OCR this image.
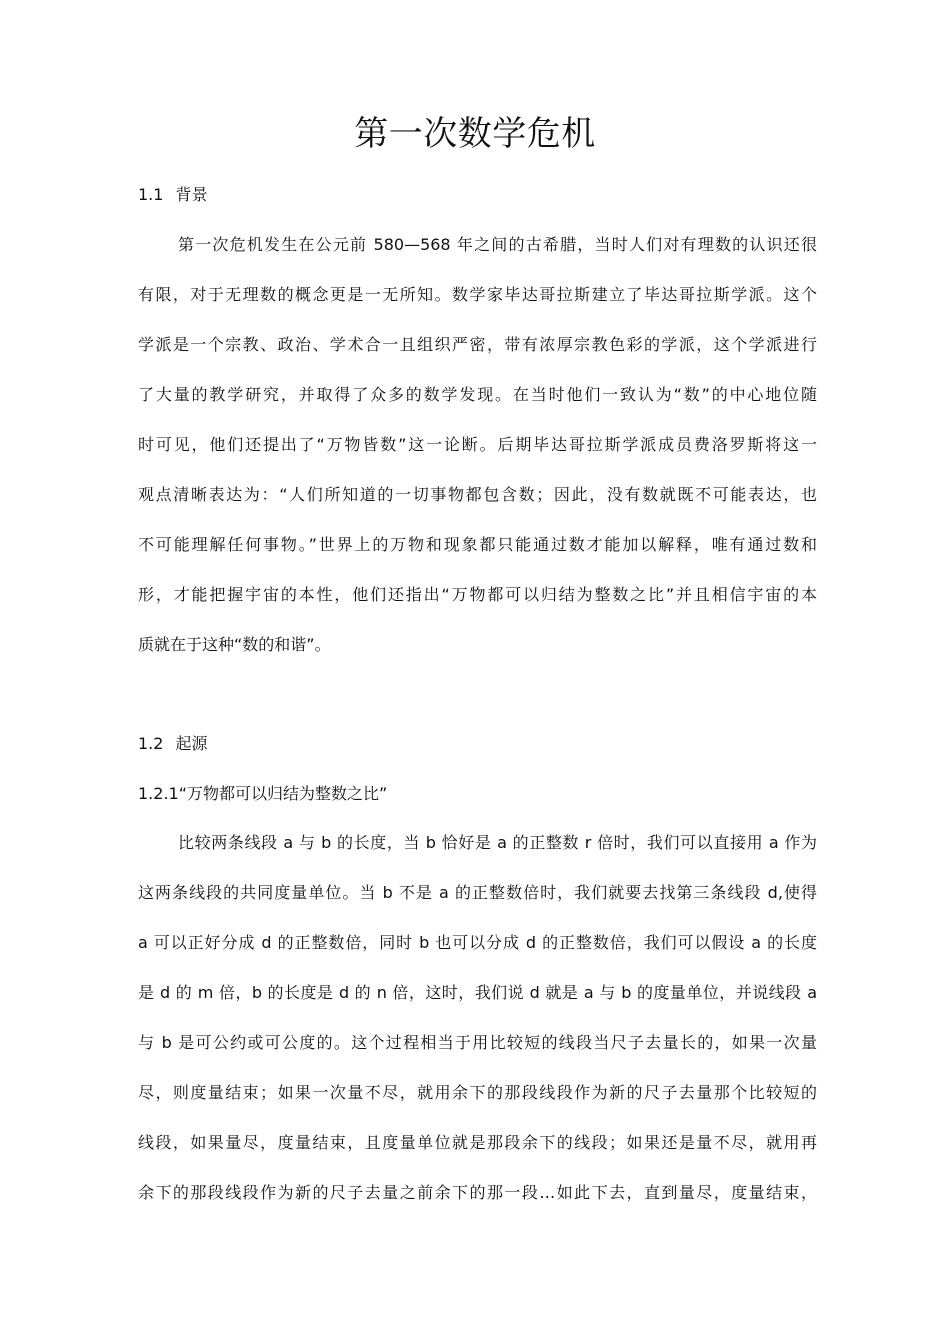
第一次数学危机
1.1 背景
第一次危机发生在公元前 580—568 年之间的古希腊，当时人们对有理数的认识还很
有限，对于无理数的概念更是一无所知。数学家毕达哥拉斯建立了毕达哥拉斯学派。这个
学派是一个宗教、政治、学术合一且组织严密，带有浓厚宗教色彩的学派，这个学派进行
了大量的教学研究，并取得了众多的数学发现。在当时他们一致认为“数”的中心地位随
时可见，他们还提出了“万物皆数”这一论断。后期毕达哥拉斯学派成员费洛罗斯将这一
观点清晰表达为：“人们所知道的一切事物都包含数；因此，没有数就既不可能表达，也
不可能理解任何事物。”世界上的万物和现象都只能通过数才能加以解释，唯有通过数和
形，才能把握宇宙的本性，他们还指出“万物都可以归结为整数之比”并且相信宇宙的本
质就在于这种“数的和谐”。
1.2 起源
1.2.1“万物都可以归结为整数之比”
比较两条线段 a 与 b 的长度，当 b 恰好是 a 的正整数 r 倍时，我们可以直接用 a 作为
这两条线段的共同度量单位。当 b 不是 a 的正整数倍时，我们就要去找第三条线段 d,使得
a 可以正好分成 d 的正整数倍，同时 b 也可以分成 d 的正整数倍，我们可以假设 a 的长度
是 d 的 m 倍，b 的长度是 d 的 n 倍，这时，我们说 d 就是 a 与 b 的度量单位，并说线段 a
与 b 是可公约或可公度的。这个过程相当于用比较短的线段当尺子去量长的，如果一次量
尽，则度量结束；如果一次量不尽，就用余下的那段线段作为新的尺子去量那个比较短的
线段，如果量尽，度量结束，且度量单位就是那段余下的线段；如果还是量不尽，就用再
余下的那段线段作为新的尺子去量之前余下的那一段…如此下去，直到量尽，度量结束，
